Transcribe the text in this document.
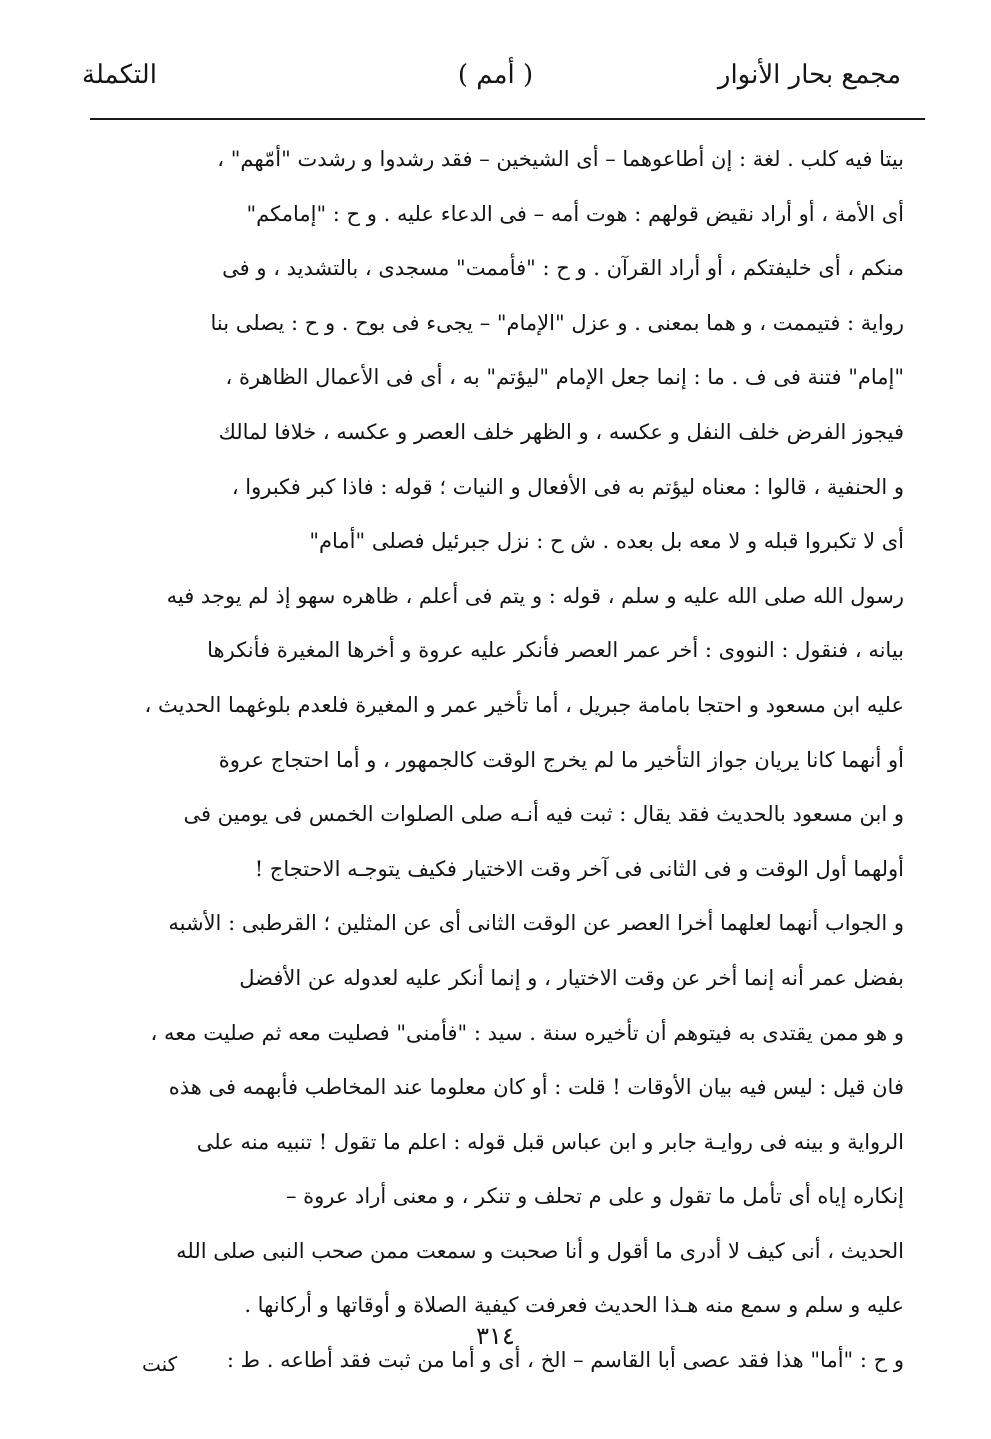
مجمع بحار الأنوار
( أمم )
التكملة
بيتا فيه كلب . لغة : إن أطاعوهما – أى الشيخين – فقد رشدوا و رشدت "أمّهم" ،
أى الأمة ، أو أراد نقيض قولهم : هوت أمه – فى الدعاء عليه . و ح : "إمامكم"
منكم ، أى خليفتكم ، أو أراد القرآن . و ح : "فأممت" مسجدى ، بالتشديد ، و فى
رواية : فتيممت ، و هما بمعنى . و عزل "الإمام" – يجىء فى بوح . و ح : يصلى بنا
"إمام" فتنة فى ف . ما : إنما جعل الإمام "ليؤتم" به ، أى فى الأعمال الظاهرة ،
فيجوز الفرض خلف النفل و عكسه ، و الظهر خلف العصر و عكسه ، خلافا لمالك
و الحنفية ، قالوا : معناه ليؤتم به فى الأفعال و النيات ؛ قوله : فاذا كبر فكبروا ،
أى لا تكبروا قبله و لا معه بل بعده . ش ح : نزل جبرئيل فصلى "أمام"
رسول الله صلى الله عليه و سلم ، قوله : و يتم فى أعلم ، ظاهره سهو إذ لم يوجد فيه
بيانه ، فنقول : النووى : أخر عمر العصر فأنكر عليه عروة و أخرها المغيرة فأنكرها
عليه ابن مسعود و احتجا بامامة جبريل ، أما تأخير عمر و المغيرة فلعدم بلوغهما الحديث ،
أو أنهما كانا يريان جواز التأخير ما لم يخرج الوقت كالجمهور ، و أما احتجاج عروة
و ابن مسعود بالحديث فقد يقال : ثبت فيه أنـه صلى الصلوات الخمس فى يومين فى
أولهما أول الوقت و فى الثانى فى آخر وقت الاختيار فكيف يتوجـه الاحتجاج !
و الجواب أنهما لعلهما أخرا العصر عن الوقت الثانى أى عن المثلين ؛ القرطبى : الأشبه
بفضل عمر أنه إنما أخر عن وقت الاختيار ، و إنما أنكر عليه لعدوله عن الأفضل
و هو ممن يقتدى به فيتوهم أن تأخيره سنة . سيد : "فأمنى" فصليت معه ثم صليت معه ،
فان قيل : ليس فيه بيان الأوقات ! قلت : أو كان معلوما عند المخاطب فأبهمه فى هذه
الرواية و بينه فى روايـة جابر و ابن عباس قبل قوله : اعلم ما تقول ! تنبيه منه على
إنكاره إياه أى تأمل ما تقول و على م تحلف و تنكر ، و معنى أراد عروة –
الحديث ، أنى كيف لا أدرى ما أقول و أنا صحبت و سمعت ممن صحب النبى صلى الله
عليه و سلم و سمع منه هـذا الحديث فعرفت كيفية الصلاة و أوقاتها و أركانها .
و ح : "أما" هذا فقد عصى أبا القاسم – الخ ، أى و أما من ثبت فقد أطاعه . ط :
٣١٤
كنت
